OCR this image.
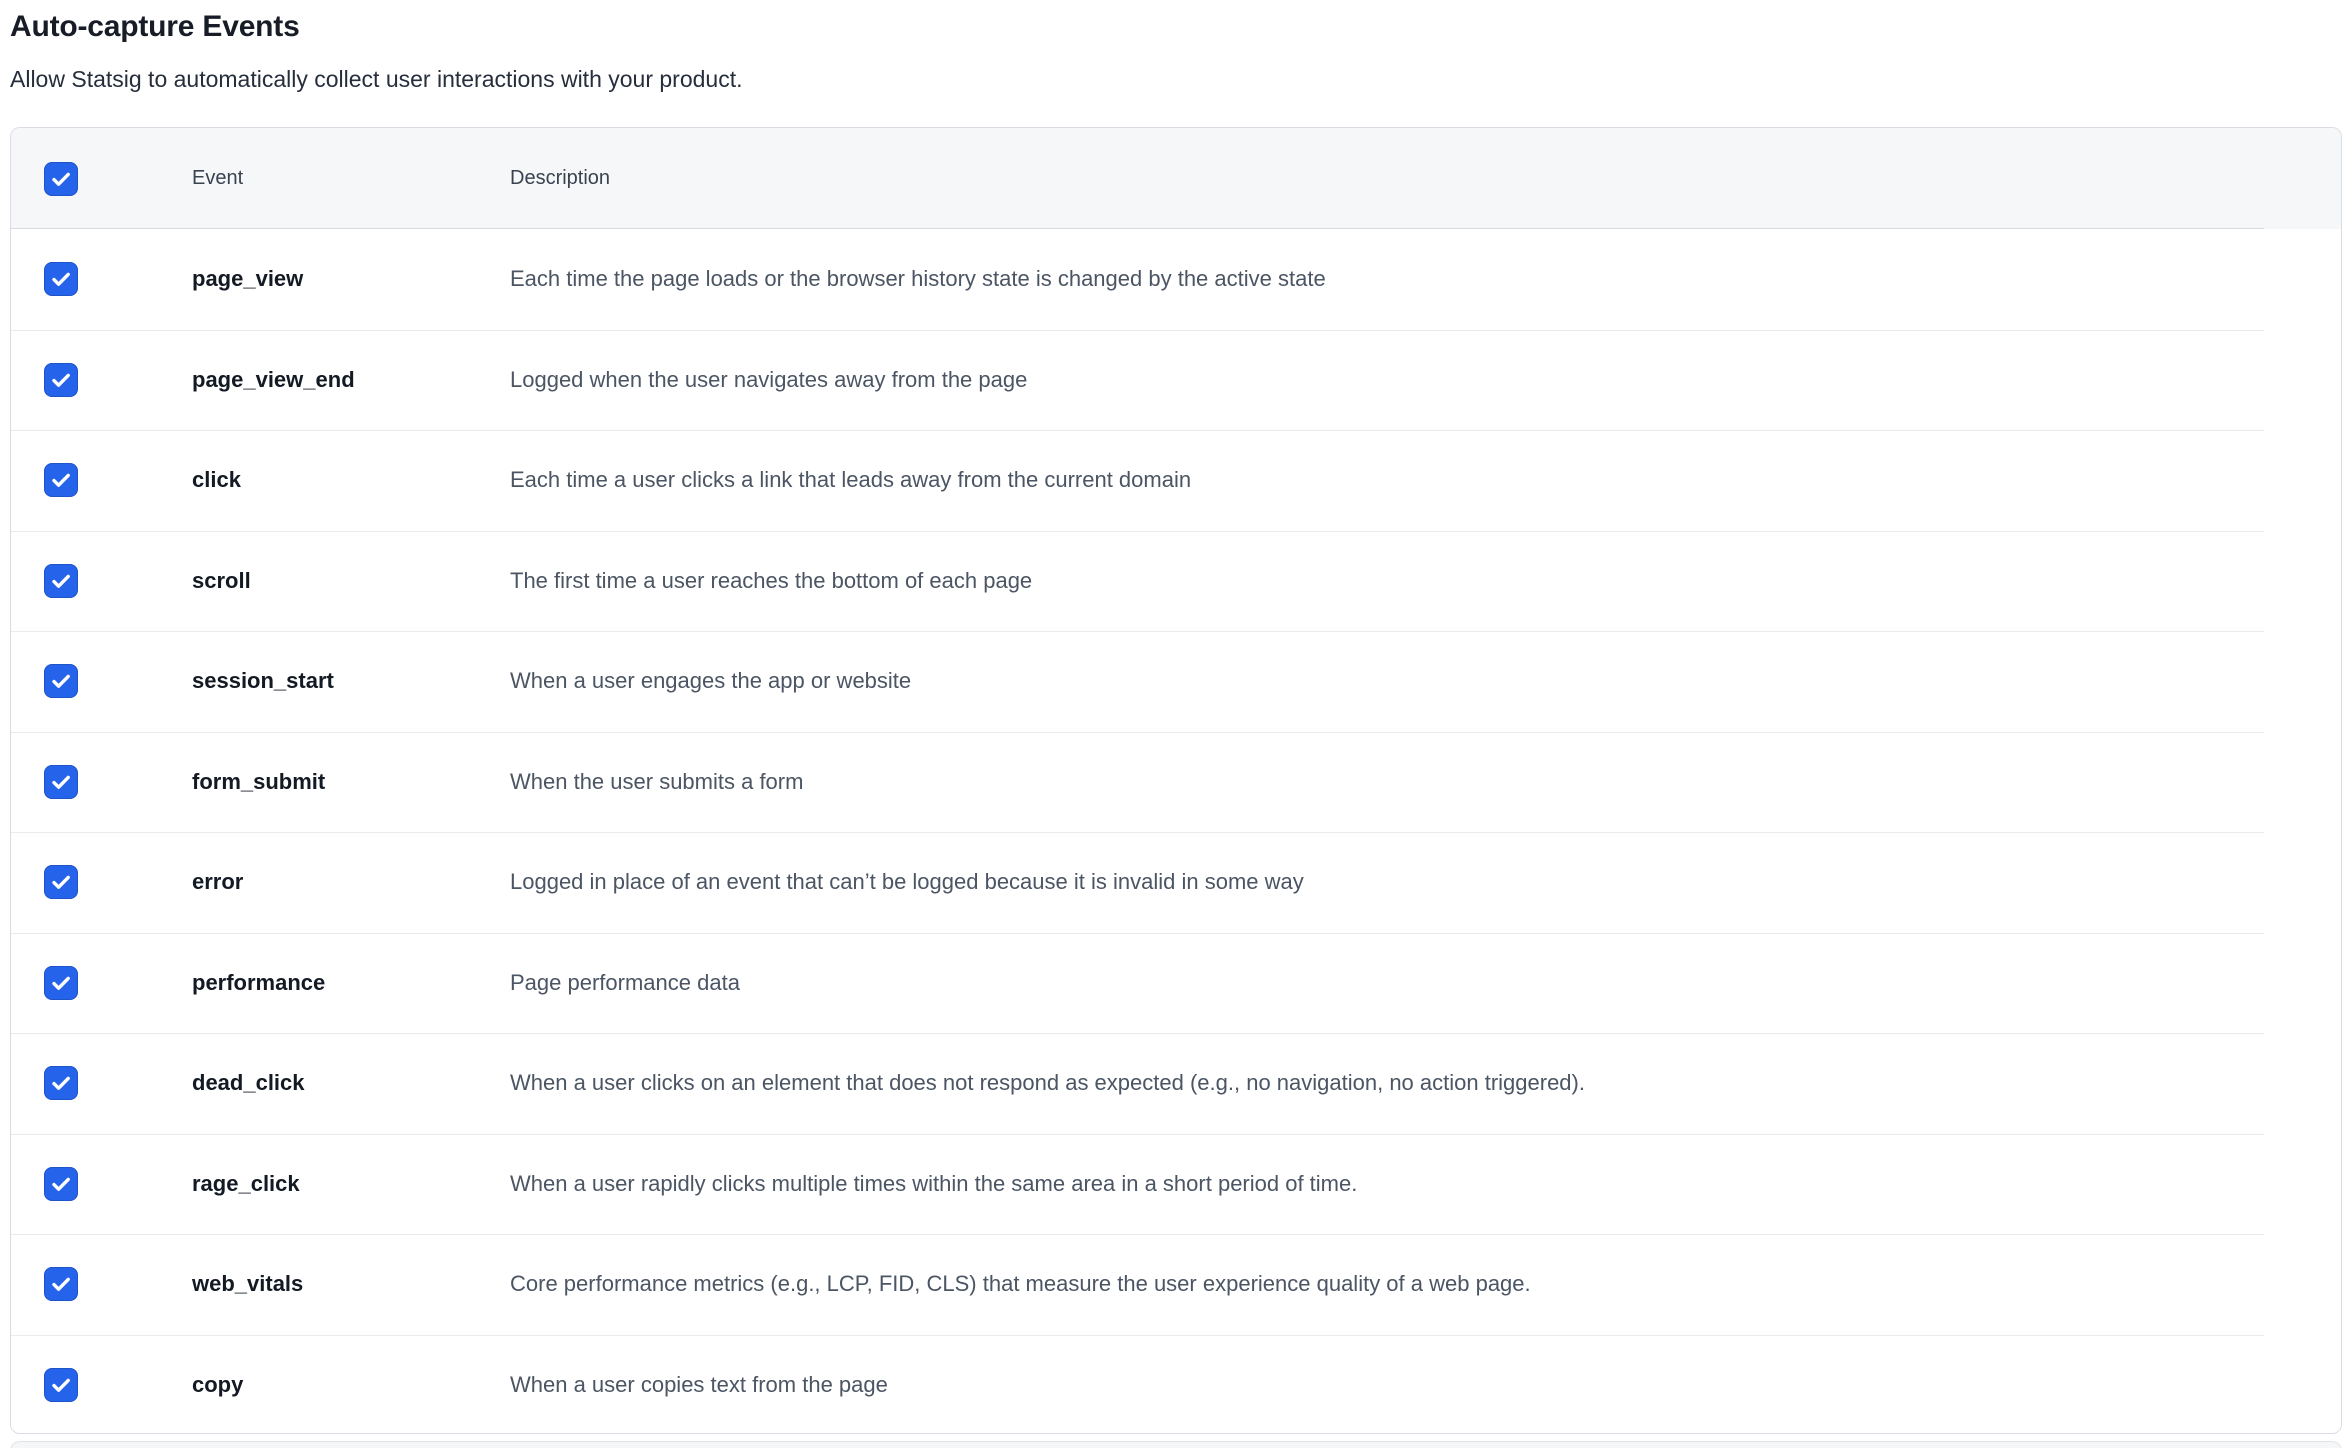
Auto-capture Events

Allow Statsig to automatically collect user interactions with your product.

Event	Description
page_view	Each time the page loads or the browser history state is changed by the active state
page_view_end	Logged when the user navigates away from the page
click	Each time a user clicks a link that leads away from the current domain
scroll	The first time a user reaches the bottom of each page
session_start	When a user engages the app or website
form_submit	When the user submits a form
error	Logged in place of an event that can’t be logged because it is invalid in some way
performance	Page performance data
dead_click	When a user clicks on an element that does not respond as expected (e.g., no navigation, no action triggered).
rage_click	When a user rapidly clicks multiple times within the same area in a short period of time.
web_vitals	Core performance metrics (e.g., LCP, FID, CLS) that measure the user experience quality of a web page.
copy	When a user copies text from the page
